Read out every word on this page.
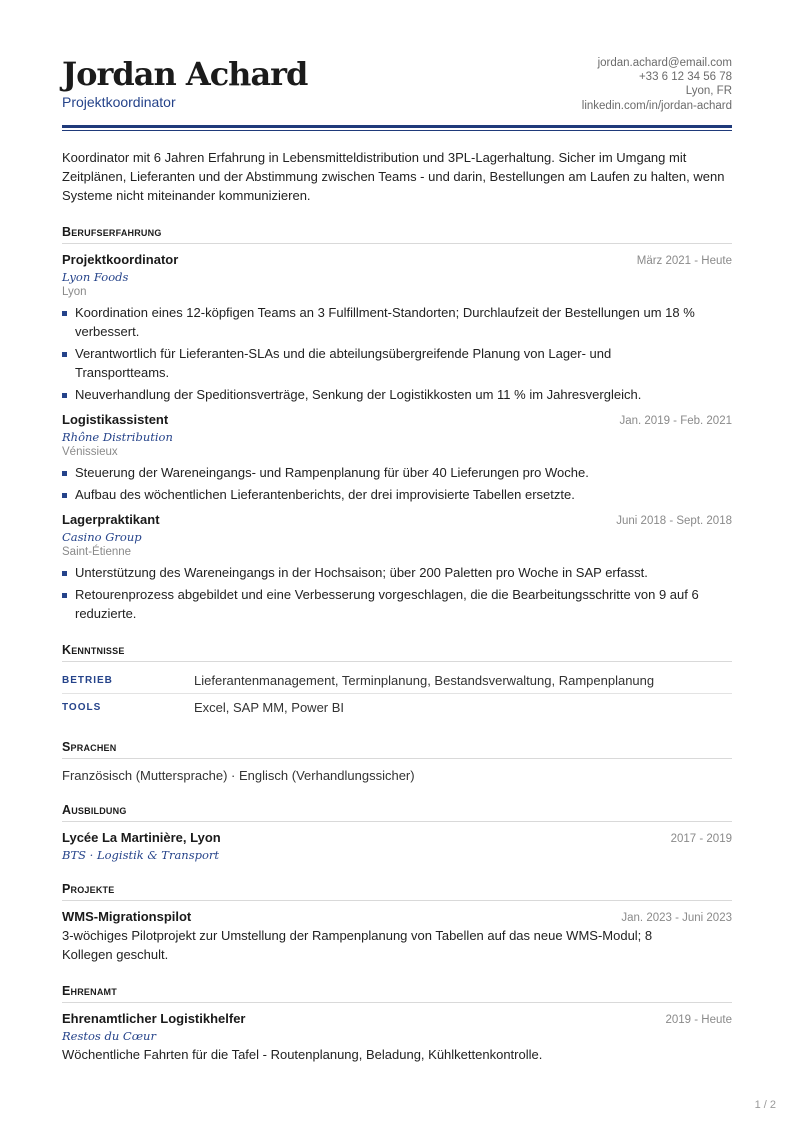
Jordan Achard
Projektkoordinator
jordan.achard@email.com
+33 6 12 34 56 78
Lyon, FR
linkedin.com/in/jordan-achard
Koordinator mit 6 Jahren Erfahrung in Lebensmitteldistribution und 3PL-Lagerhaltung. Sicher im Umgang mit Zeitplänen, Lieferanten und der Abstimmung zwischen Teams - und darin, Bestellungen am Laufen zu halten, wenn Systeme nicht miteinander kommunizieren.
Berufserfahrung
Projektkoordinator	März 2021 - Heute
Lyon Foods
Lyon
Koordination eines 12-köpfigen Teams an 3 Fulfillment-Standorten; Durchlaufzeit der Bestellungen um 18 % verbessert.
Verantwortlich für Lieferanten-SLAs und die abteilungsübergreifende Planung von Lager- und Transportteams.
Neuverhandlung der Speditionsverträge, Senkung der Logistikkosten um 11 % im Jahresvergleich.
Logistikassistent	Jan. 2019 - Feb. 2021
Rhône Distribution
Vénissieux
Steuerung der Wareneingangs- und Rampenplanung für über 40 Lieferungen pro Woche.
Aufbau des wöchentlichen Lieferantenberichts, der drei improvisierte Tabellen ersetzte.
Lagerpraktikant	Juni 2018 - Sept. 2018
Casino Group
Saint-Étienne
Unterstützung des Wareneingangs in der Hochsaison; über 200 Paletten pro Woche in SAP erfasst.
Retourenprozess abgebildet und eine Verbesserung vorgeschlagen, die die Bearbeitungsschritte von 9 auf 6 reduzierte.
Kenntnisse
BETRIEB	Lieferantenmanagement, Terminplanung, Bestandsverwaltung, Rampenplanung
TOOLS	Excel, SAP MM, Power BI
Sprachen
Französisch (Muttersprache) · Englisch (Verhandlungssicher)
Ausbildung
Lycée La Martinière, Lyon	2017 - 2019
BTS · Logistik & Transport
Projekte
WMS-Migrationspilot	Jan. 2023 - Juni 2023
3-wöchiges Pilotprojekt zur Umstellung der Rampenplanung von Tabellen auf das neue WMS-Modul; 8 Kollegen geschult.
Ehrenamt
Ehrenamtlicher Logistikhelfer	2019 - Heute
Restos du Cœur
Wöchentliche Fahrten für die Tafel - Routenplanung, Beladung, Kühlkettenkontrolle.
1 / 2
